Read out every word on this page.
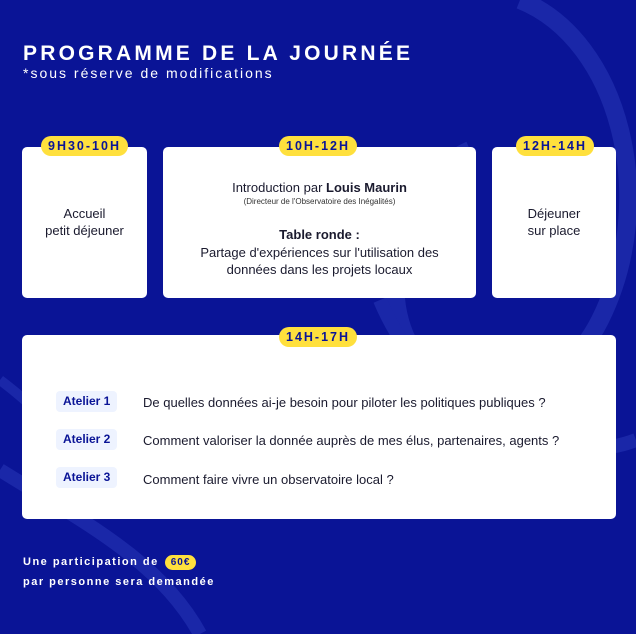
PROGRAMME DE LA JOURNÉE
*sous réserve de modifications
Accueil
petit déjeuner
9H30-10H
Introduction par Louis Maurin
(Directeur de l'Observatoire des Inégalités)
Table ronde :
Partage d'expériences sur l'utilisation des
données dans les projets locaux
10H-12H
Déjeuner
sur place
12H-14H
14H-17H
Atelier 1	De quelles données ai-je besoin pour piloter les politiques publiques ?
Atelier 2	Comment valoriser la donnée auprès de mes élus, partenaires, agents ?
Atelier 3	Comment faire vivre un observatoire local ?
Une participation de 60€
par personne sera demandée
